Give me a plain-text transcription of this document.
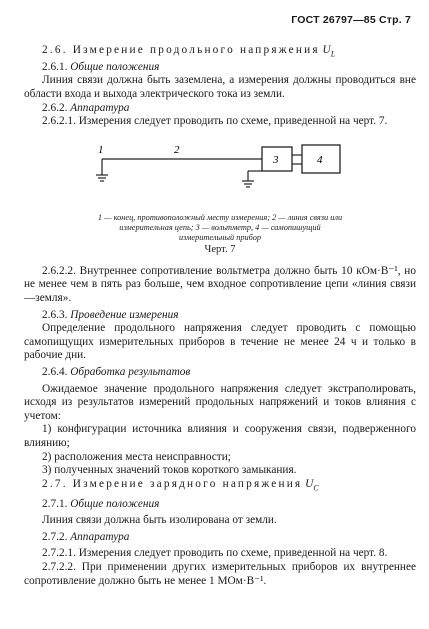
ГОСТ 26797—85 Стр. 7

2.6. Измерение продольного напряжения $U_L$

2.6.1. Общие положения

Линия связи должна быть заземлена, а измерения должны проводиться вне области входа и выхода электрического тока из земли.

2.6.2. Аппаратура

2.6.2.1. Измерения следует проводить по схеме, приведенной на черт. 7.

1	2
3	4
1 — конец, противоположный месту измерения; 2 — линия связи или измерительная цепь; 3 — вольтметр, 4 — самопишущий измерительный прибор
Черт. 7

2.6.2.2. Внутреннее сопротивление вольтметра должно быть 10 кОм·В⁻¹, но не менее чем в пять раз больше, чем входное сопротивление цепи «линия связи—земля».

2.6.3. Проведение измерения

Определение продольного напряжения следует проводить с помощью самопищущих измерительных приборов в течение не менее 24 ч и только в рабочие дни.

2.6.4. Обработка результатов

Ожидаемое значение продольного напряжения следует экстраполировать, исходя из результатов измерений продольных напряжений и токов влияния с учетом:

1) конфигурации источника влияния и сооружения связи, подверженного влиянию;

2) расположения места неисправности;

3) полученных значений токов короткого замыкания.

2.7. Измерение зарядного напряжения $U_C$

2.7.1. Общие положения

Линия связи должна быть изолирована от земли.

2.7.2. Аппаратура

2.7.2.1. Измерения следует проводить по схеме, приведенной на черт. 8.

2.7.2.2. При применении других измерительных приборов их внутреннее сопротивление должно быть не менее 1 МОм·В⁻¹.
